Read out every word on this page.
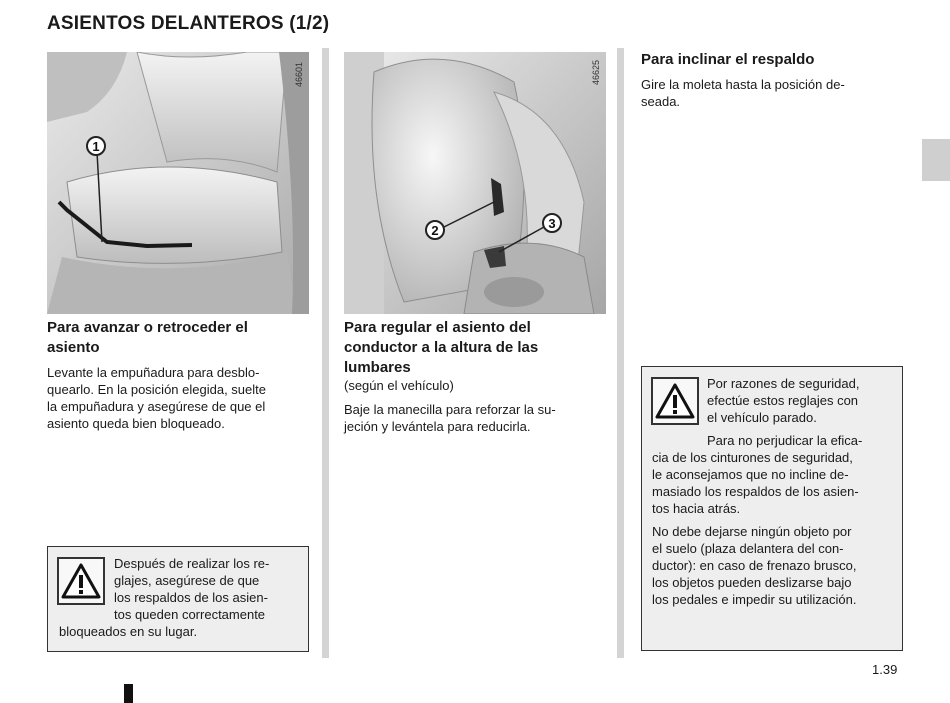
ASIENTOS DELANTEROS (1/2)
46601
1
46625
2	3
Para avanzar o retroceder el
asiento
Levante la empuñadura para desblo-
quearlo. En la posición elegida, suelte
la empuñadura y asegúrese de que el
asiento queda bien bloqueado.
Después de realizar los re-
glajes, asegúrese de que
los respaldos de los asien-
tos queden correctamente
bloqueados en su lugar.
Para regular el asiento del
conductor a la altura de las
lumbares
(según el vehículo)
Baje la manecilla para reforzar la su-
jeción y levántela para reducirla.
Para inclinar el respaldo
Gire la moleta hasta la posición de-
seada.
Por razones de seguridad,
efectúe estos reglajes con
el vehículo parado.
Para no perjudicar la efica-
cia de los cinturones de seguridad,
le aconsejamos que no incline de-
masiado los respaldos de los asien-
tos hacia atrás.
No debe dejarse ningún objeto por
el suelo (plaza delantera del con-
ductor): en caso de frenazo brusco,
los objetos pueden deslizarse bajo
los pedales e impedir su utilización.
1.39
